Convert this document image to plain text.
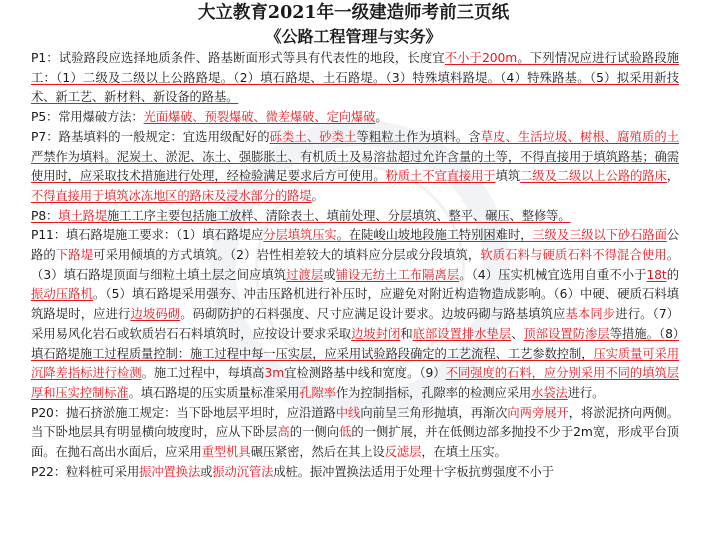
大立教育2021年一级建造师考前三页纸
《公路工程管理与实务》
P1：试验路段应选择地质条件、路基断面形式等具有代表性的地段，长度宜不小于200m。下列情况应进行试验路段施工：（1）二级及二级以上公路路堤。（2）填石路堤、土石路堤。（3）特殊填料路堤。（4）特殊路基。（5）拟采用新技术、新工艺、新材料、新设备的路基。
P5：常用爆破方法：光面爆破、预裂爆破、微差爆破、定向爆破。
P7：路基填料的一般规定：宜选用级配好的砾类土、砂类土等粗粒土作为填料。含草皮、生活垃圾、树根、腐殖质的土严禁作为填料。泥炭土、淤泥、冻土、强膨胀土、有机质土及易溶盐超过允许含量的土等，不得直接用于填筑路基；确需使用时，应采取技术措施进行处理，经检验满足要求后方可使用。粉质土不宜直接用于填筑二级及二级以上公路的路床，不得直接用于填筑冰冻地区的路床及浸水部分的路堤。
P8：填土路堤施工工序主要包括施工放样、清除表土、填前处理、分层填筑、整平、碾压、整修等。
P11：填石路堤施工要求：（1）填石路堤应分层填筑压实。在陡峻山坡地段施工特别困难时，三级及三级以下砂石路面公路的下路堤可采用倾填的方式填筑。（2）岩性相差较大的填料应分层或分段填筑，软质石料与硬质石料不得混合使用。（3）填石路堤顶面与细粒土填土层之间应填筑过渡层或铺设无纺土工布隔离层。（4）压实机械宜选用自重不小于18t的振动压路机。（5）填石路堤采用强夯、冲击压路机进行补压时，应避免对附近构造物造成影响。（6）中硬、硬质石料填筑路堤时，应进行边坡码砌。码砌防护的石料强度、尺寸应满足设计要求。边坡码砌与路基填筑应基本同步进行。（7）采用易风化岩石或软质岩石石料填筑时，应按设计要求采取边坡封闭和底部设置排水垫层、顶部设置防渗层等措施。（8）填石路堤施工过程质量控制：施工过程中每一压实层，应采用试验路段确定的工艺流程、工艺参数控制，压实质量可采用沉降差指标进行检测。施工过程中，每填高3m宜检测路基中线和宽度。（9）不同强度的石料，应分别采用不同的填筑层厚和压实控制标准。填石路堤的压实质量标准采用孔隙率作为控制指标，孔隙率的检测应采用水袋法进行。
P20：抛石挤淤施工规定：当下卧地层平坦时，应沿道路中线向前呈三角形抛填，再渐次向两旁展开，将淤泥挤向两侧。当下卧地层具有明显横向坡度时，应从下卧层高的一侧向低的一侧扩展，并在低侧边部多抛投不少于2m宽，形成平台顶面。在抛石高出水面后，应采用重型机具碾压紧密，然后在其上设反滤层，在填土压实。
P22：粒料桩可采用振冲置换法或振动沉管法成桩。振冲置换法适用于处理十字板抗剪强度不小于
